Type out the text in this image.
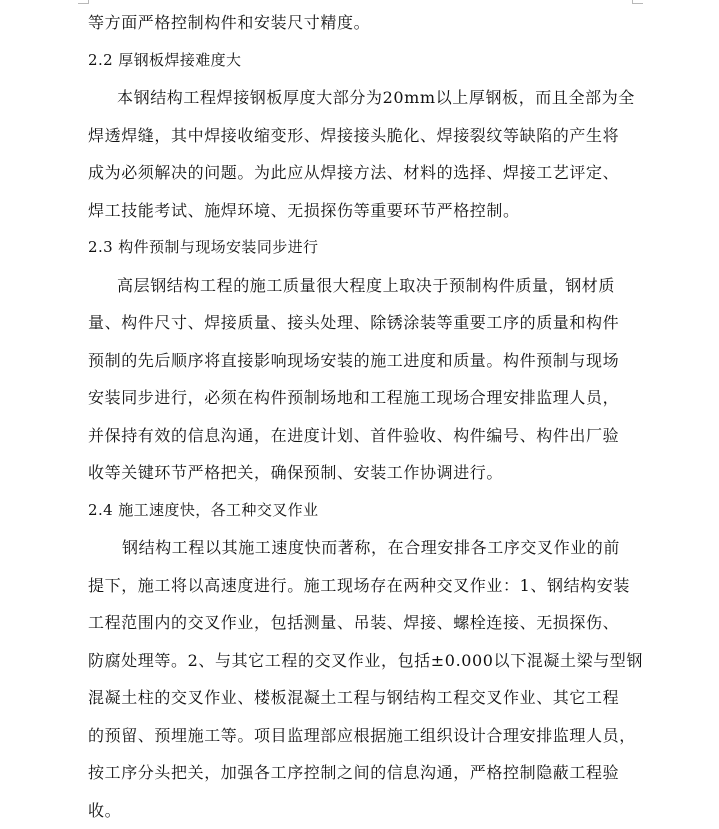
等方面严格控制构件和安装尺寸精度。
2.2 厚钢板焊接难度大
本钢结构工程焊接钢板厚度大部分为20mm以上厚钢板，而且全部为全
焊透焊缝，其中焊接收缩变形、焊接接头脆化、焊接裂纹等缺陷的产生将
成为必须解决的问题。为此应从焊接方法、材料的选择、焊接工艺评定、
焊工技能考试、施焊环境、无损探伤等重要环节严格控制。
2.3 构件预制与现场安装同步进行
高层钢结构工程的施工质量很大程度上取决于预制构件质量，钢材质
量、构件尺寸、焊接质量、接头处理、除锈涂装等重要工序的质量和构件
预制的先后顺序将直接影响现场安装的施工进度和质量。构件预制与现场
安装同步进行，必须在构件预制场地和工程施工现场合理安排监理人员，
并保持有效的信息沟通，在进度计划、首件验收、构件编号、构件出厂验
收等关键环节严格把关，确保预制、安装工作协调进行。
2.4 施工速度快，各工种交叉作业
钢结构工程以其施工速度快而著称，在合理安排各工序交叉作业的前
提下，施工将以高速度进行。施工现场存在两种交叉作业：1、钢结构安装
工程范围内的交叉作业，包括测量、吊装、焊接、螺栓连接、无损探伤、
防腐处理等。2、与其它工程的交叉作业，包括±0.000以下混凝土梁与型钢
混凝土柱的交叉作业、楼板混凝土工程与钢结构工程交叉作业、其它工程
的预留、预埋施工等。项目监理部应根据施工组织设计合理安排监理人员，
按工序分头把关，加强各工序控制之间的信息沟通，严格控制隐蔽工程验
收。
